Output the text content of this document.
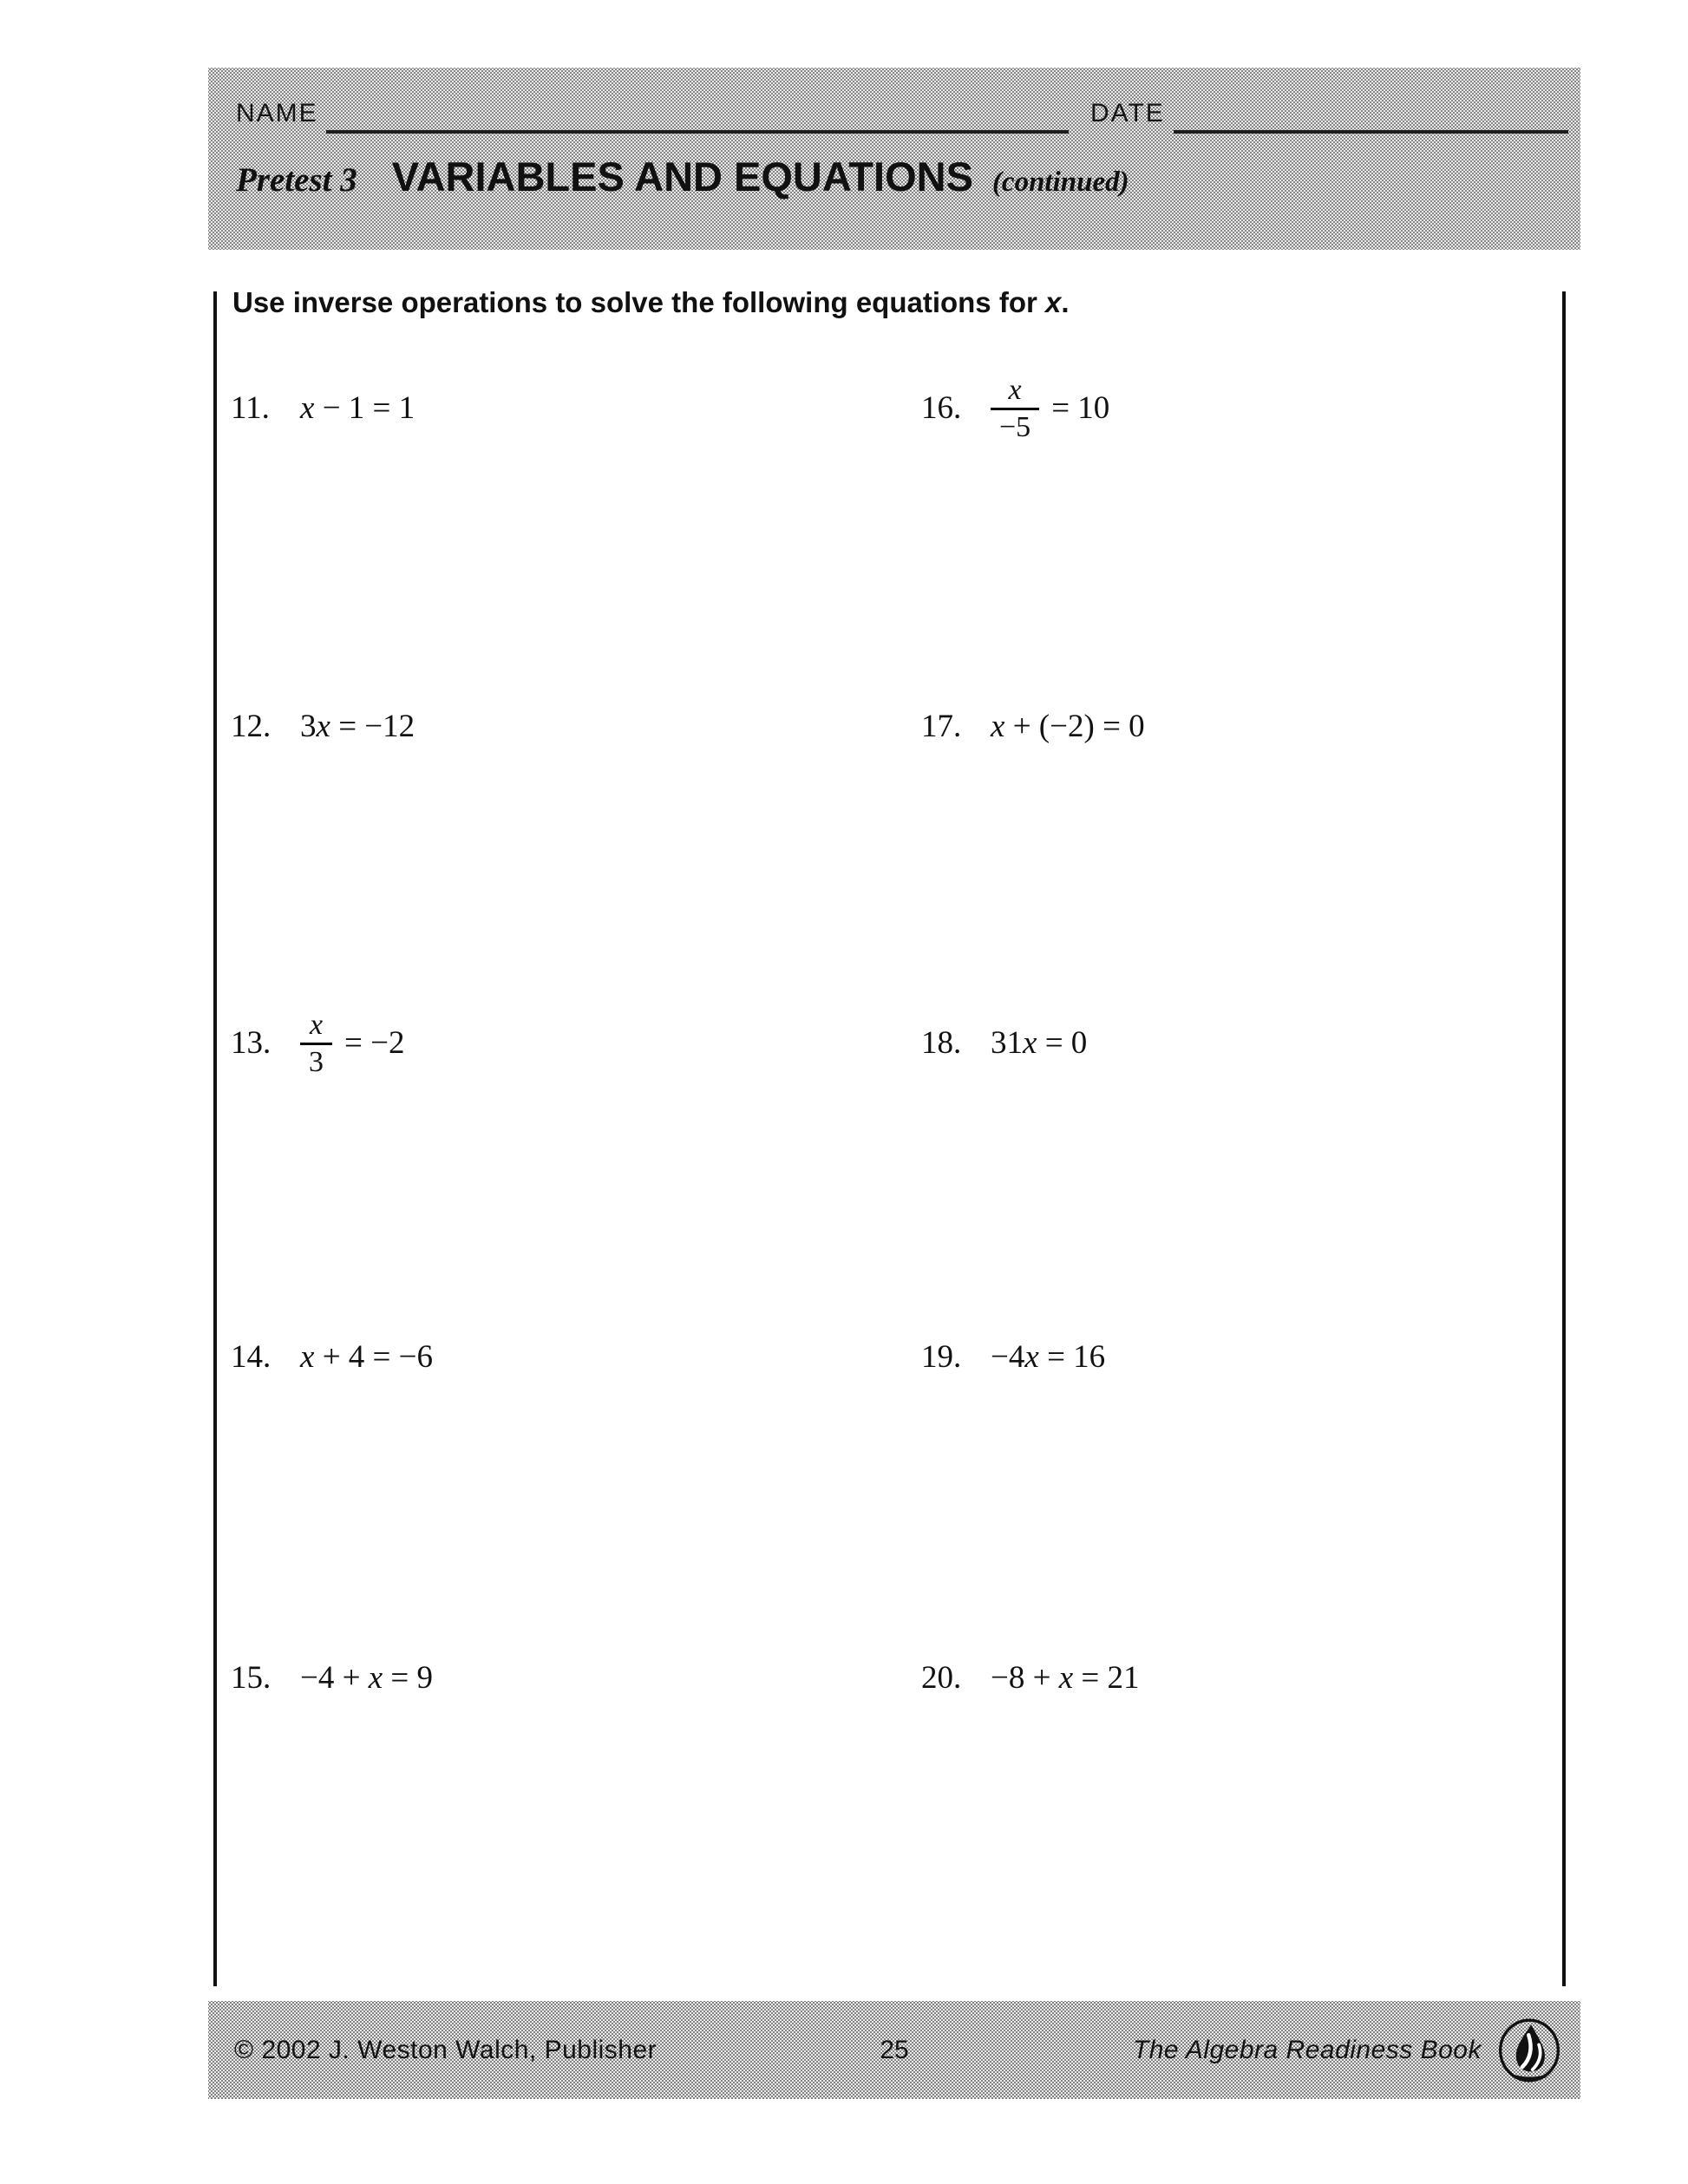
NAME	DATE
Pretest 3 VARIABLES AND EQUATIONS (continued)
Use inverse operations to solve the following equations for x.
11. x − 1 = 1
12. 3 x = −12
13. $\frac{x}{3} = -2$
14. x + 4 = −6
15. −4 + x = 9
16. $\frac{x}{-5} = 10$
17. x + (−2) = 0
18. 31 x = 0
19. −4 x = 16
20. −8 + x = 21
© 2002 J. Weston Walch, Publisher	25	The Algebra Readiness Book
